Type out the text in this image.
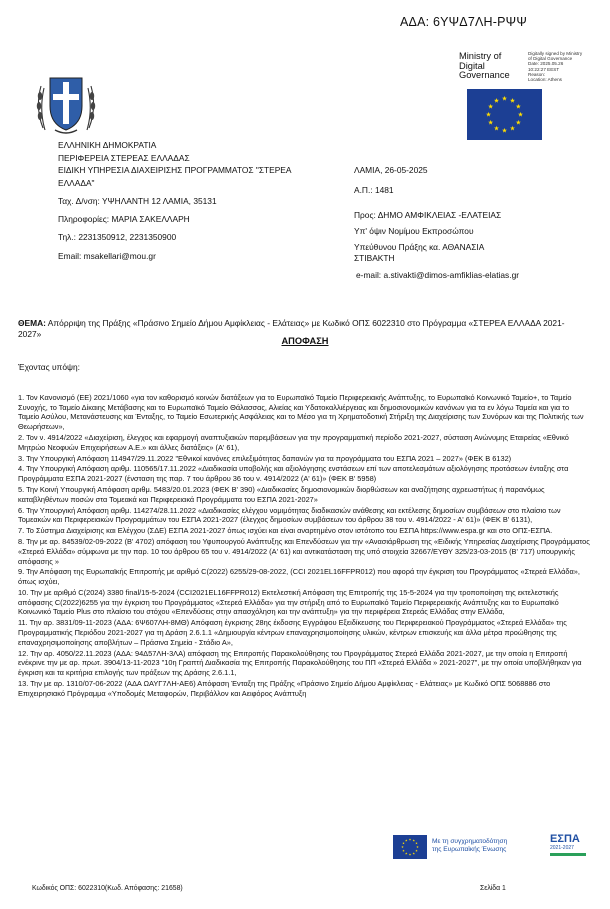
ΑΔΑ: 6ΥΨΔ7ΛΗ-ΡΨΨ
Ministry of
Digital
Governance
Digitally signed by Ministry
of Digital Governance
Date: 2025.05.26
10:22:27 EEST
Reason:
Location: Athens
ΕΛΛΗΝΙΚΗ ΔΗΜΟΚΡΑΤΙΑ
ΠΕΡΙΦΕΡΕΙΑ ΣΤΕΡΕΑΣ ΕΛΛΑΔΑΣ
ΕΙΔΙΚΗ ΥΠΗΡΕΣΙΑ ΔΙΑΧΕΙΡΙΣΗΣ ΠΡΟΓΡΑΜΜΑΤΟΣ "ΣΤΕΡΕΑ
ΕΛΛΑΔΑ"
Ταχ. Δ/νση: ΥΨΗΛΑΝΤΗ 12 ΛΑΜΙΑ, 35131
Πληροφορίες: ΜΑΡΙΑ ΣΑΚΕΛΛΑΡΗ
Τηλ.: 2231350912, 2231350900
Email: msakellari@mou.gr
ΛΑΜΙΑ, 26-05-2025
Α.Π.: 1481
Προς: ΔΗΜΟ ΑΜΦΙΚΛΕΙΑΣ -ΕΛΑΤΕΙΑΣ
Υπ' όψιν Νομίμου Εκπροσώπου
Υπεύθυνου Πράξης κα. ΑΘΑΝΑΣΙΑ
ΣΤΙΒΑΚΤΗ
e-mail: a.stivakti@dimos-amfiklias-elatias.gr
ΘΕΜΑ: Απόρριψη της Πράξης «Πράσινο Σημείο Δήμου Αμφίκλειας - Ελάτειας» με Κωδικό ΟΠΣ 6022310 στο Πρόγραμμα «ΣΤΕΡΕΑ ΕΛΛΑΔΑ 2021-2027»
ΑΠΟΦΑΣΗ
Έχοντας υπόψη:

1. Τον Κανονισμό (ΕΕ) 2021/1060 «για τον καθορισμό κοινών διατάξεων για το Ευρωπαϊκό Ταμείο Περιφερειακής Ανάπτυξης, το Ευρωπαϊκό Κοινωνικό Ταμείο+, το Ταμείο Συνοχής, το Ταμείο Δίκαιης Μετάβασης και το Ευρωπαϊκό Ταμείο Θάλασσας, Αλιείας και Υδατοκαλλιέργειας και δημοσιονομικών κανόνων για τα εν λόγω Ταμεία και για το Ταμείο Ασύλου, Μετανάστευσης και Ένταξης, το Ταμείο Εσωτερικής Ασφάλειας και το Μέσο για τη Χρηματοδοτική Στήριξη της Διαχείρισης των Συνόρων και της Πολιτικής των Θεωρήσεων»,

2. Τον ν. 4914/2022 «Διαχείριση, έλεγχος και εφαρμογή αναπτυξιακών παρεμβάσεων για την προγραμματική περίοδο 2021-2027, σύσταση Ανώνυμης Εταιρείας «Εθνικό Μητρώο Νεοφυών Επιχειρήσεων Α.Ε.» και άλλες διατάξεις» (Α' 61),

3. Την Υπουργική Απόφαση 114947/29.11.2022 "Εθνικοί κανόνες επιλεξιμότητας δαπανών για τα προγράμματα του ΕΣΠΑ 2021 – 2027» (ΦΕΚ Β 6132)

4. Την Υπουργική Απόφαση αριθμ. 110565/17.11.2022 «Διαδικασία υποβολής και αξιολόγησης ενστάσεων επί των αποτελεσμάτων αξιολόγησης προτάσεων ένταξης στα Προγράμματα ΕΣΠΑ 2021-2027 (ένσταση της παρ. 7 του άρθρου 36 του ν. 4914/2022 (Α' 61)» (ΦΕΚ Β' 5958)

5. Την Κοινή Υπουργική Απόφαση αριθμ. 5483/20.01.2023 (ΦΕΚ Β' 390) «Διαδικασίες δημοσιονομικών διορθώσεων και αναζήτησης αχρεωστήτως ή παρανόμως καταβληθέντων ποσών στα Τομεακά και Περιφερειακά Προγράμματα του ΕΣΠΑ 2021-2027»

6. Την Υπουργική Απόφαση αριθμ. 114274/28.11.2022 «Διαδικασίες ελέγχου νομιμότητας διαδικασιών ανάθεσης και εκτέλεσης δημοσίων συμβάσεων στο πλαίσιο των Τομεακών και Περιφερειακών Προγραμμάτων του ΕΣΠΑ 2021-2027 (έλεγχος δημοσίων συμβάσεων του άρθρου 38 του ν. 4914/2022 - Α' 61)» (ΦΕΚ Β' 6131),

7. Το Σύστημα Διαχείρισης και Ελέγχου (ΣΔΕ) ΕΣΠΑ 2021-2027 όπως ισχύει και είναι αναρτημένο στον ιστότοπο του ΕΣΠΑ https://www.espa.gr και στο ΟΠΣ-ΕΣΠΑ.

8. Την με αρ. 84539/02-09-2022 (Β' 4702) απόφαση του Υφυπουργού Ανάπτυξης και Επενδύσεων για την «Ανασιάρθρωση της «Ειδικής Υπηρεσίας Διαχείρισης Προγράμματος «Στερεά Ελλάδα» σύμφωνα με την παρ. 10 του άρθρου 65 του ν. 4914/2022 (Α' 61) και αντικατάσταση της υπό στοιχεία 32667/ΕΥΘΥ 325/23-03-2015 (Β' 717) υπουργικής απόφασης »

9. Την Απόφαση της Ευρωπαϊκής Επιτροπής με αριθμό C(2022) 6255/29-08-2022, (CCI 2021EL16FFPR012) που αφορά την έγκριση του Προγράμματος «Στερεά Ελλάδα», όπως ισχύει,

10. Την με αριθμό C(2024) 3380 final/15-5-2024 (CCI2021EL16FFPR012) Εκτελεστική Απόφαση της Επιτροπής της 15-5-2024 για την τροποποίηση της εκτελεστικής απόφασης C(2022)6255 για την έγκριση του Προγράμματος «Στερεά Ελλάδα» για την στήριξη από το Ευρωπαϊκό Ταμείο Περιφερειακής Ανάπτυξης και το Ευρωπαϊκό Κοινωνικό Ταμείο Plus στο πλαίσιο του στόχου «Επενδύσεις στην απασχόληση και την ανάπτυξη» για την περιφέρεια Στερεάς Ελλάδας στην Ελλάδα,

11. Την αρ. 3831/09-11-2023 (ΑΔΑ: 6Ψ607ΛΗ-8ΜΘ) Απόφαση έγκρισης 28ης έκδοσης Εγγράφου Εξειδίκευσης του Περιφερειακού Προγράμματος «Στερεά Ελλάδα» της Προγραμματικής Περιόδου 2021-2027 για τη Δράση 2.6.1.1 «Δημιουργία κέντρων επαναχρησιμοποίησης υλικών, κέντρων επισκευής και άλλα μέτρα προώθησης της επαναχρησιμοποίησης αποβλήτων – Πράσινα Σημεία - Στάδιο Α»,

12. Την αρ. 4050/22.11.2023 (ΑΔΑ: 94Δ57ΛΗ-3ΛΑ) απόφαση της Επιτροπής Παρακολούθησης του Προγράμματος Στερεά Ελλάδα 2021-2027, με την οποία η Επιτροπή ενέκρινε την με αρ. πρωτ. 3904/13-11-2023 "10η Γραπτή Διαδικασία της Επιτροπής Παρακολούθησης του ΠΠ «Στερεά Ελλάδα » 2021-2027", με την οποία υποβλήθηκαν για έγκριση και τα κριτήρια επιλογής των πράξεων της Δράσης 2.6.1.1,

13. Την με αρ. 1310/07-06-2022 (ΑΔΑ ΩΑΥΓ7ΛΗ-ΑΕ6) Απόφαση Ένταξη της Πράξης «Πράσινο Σημείο Δήμου Αμφίκλειας - Ελάτειας» με Κωδικό ΟΠΣ 5068886 στο Επιχειρησιακό Πρόγραμμα «Υποδομές Μεταφορών, Περιβάλλον και Αειφόρος Ανάπτυξη

Με τη συγχρηματοδότηση
της Ευρωπαϊκής Ένωσης
ΕΣΠΑ
2021-2027
Κωδικός ΟΠΣ: 6022310(Κωδ. Απόφασης: 21658)	Σελίδα 1
